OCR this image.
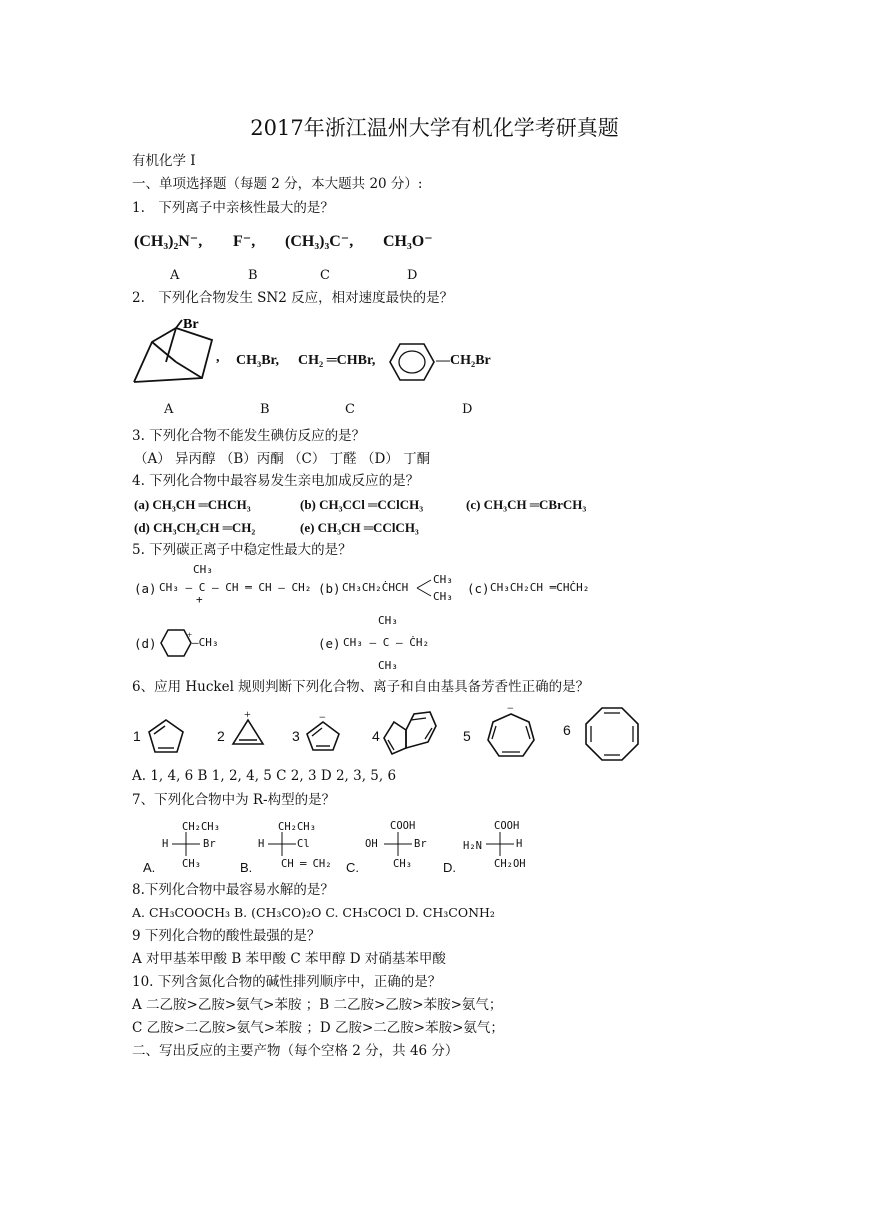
2017年浙江温州大学有机化学考研真题
有机化学 I
一、单项选择题（每题 2 分，本大题共 20 分）:
1.　下列离子中亲核性最大的是？
(CH₃)₂N⁻, F⁻, (CH₃)₃C⁻, CH₃O⁻
A	B	C	D
2.　下列化合物发生 SN2 反应，相对速度最快的是？
Br
, CH₃Br, CH₂ ═CHBr,	—CH₂Br
A	B	C	D
3. 下列化合物不能发生碘仿反应的是？
（A） 异丙醇 （B）丙酮 （C） 丁醛 （D） 丁酮
4. 下列化合物中最容易发生亲电加成反应的是？
(a) CH₃CH ═CHCH₃	(b) CH₃CCl ═CClCH₃	(c) CH₃CH ═CBrCH₃
(d) CH₃CH₂CH ═CH₂	(e) CH₃CH ═CClCH₃
5. 下列碳正离子中稳定性最大的是？
(a)
CH₃
CH₃ — C — CH ═ CH — CH₂
+
(b) CH₃CH₂ĊHCH
CH₃
CH₃
(c) CH₃CH₂CH ═CHĊH₂
(d)
+
—CH₃	(e)
CH₃
CH₃ — C — ĊH₂
CH₃
6、应用 Huckel 规则判断下列化合物、离子和自由基具备芳香性正确的是？
1	2
+
3
−
4	5
−
6
A. 1, 4, 6 B 1, 2, 4, 5 C 2, 3 D 2, 3, 5, 6
7、下列化合物中为 R-构型的是？
CH₂CH₃
H	Br
CH₃
A.
CH₂CH₃
H	Cl
CH ═ CH₂
B.
COOH
OH	Br
CH₃
C.
COOH
H₂N	H
CH₂OH
D.
8.下列化合物中最容易水解的是？
A. CH₃COOCH₃ B. (CH₃CO)₂O C. CH₃COCl D. CH₃CONH₂
9 下列化合物的酸性最强的是？
A 对甲基苯甲酸 B 苯甲酸 C 苯甲醇 D 对硝基苯甲酸
10. 下列含氮化合物的碱性排列顺序中，正确的是？
A 二乙胺>乙胺>氨气>苯胺 ；B 二乙胺>乙胺>苯胺>氨气；
C 乙胺>二乙胺>氨气>苯胺 ；D 乙胺>二乙胺>苯胺>氨气；
二、写出反应的主要产物（每个空格 2 分，共 46 分）
